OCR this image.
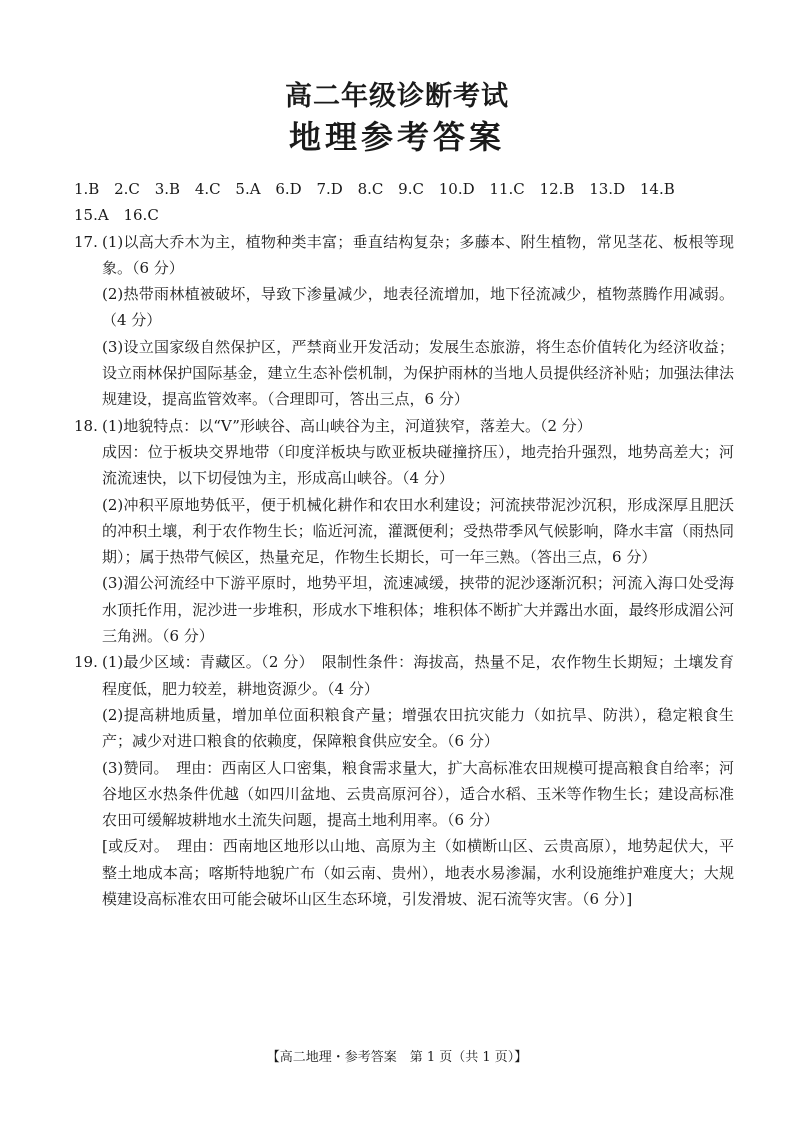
高二年级诊断考试
地理参考答案
1.B 2.C 3.B 4.C 5.A 6.D 7.D 8.C 9.C 10.D 11.C 12.B 13.D 14.B
15.A 16.C
17. (1)以高大乔木为主，植物种类丰富；垂直结构复杂；多藤本、附生植物，常见茎花、板根等现象。（6 分）
(2)热带雨林植被破坏，导致下渗量减少，地表径流增加，地下径流减少，植物蒸腾作用减弱。（4 分）
(3)设立国家级自然保护区，严禁商业开发活动；发展生态旅游，将生态价值转化为经济收益；设立雨林保护国际基金，建立生态补偿机制，为保护雨林的当地人员提供经济补贴；加强法律法规建设，提高监管效率。（合理即可，答出三点，6 分）
18. (1)地貌特点：以“V”形峡谷、高山峡谷为主，河道狭窄，落差大。（2 分）
成因：位于板块交界地带（印度洋板块与欧亚板块碰撞挤压），地壳抬升强烈，地势高差大；河流流速快，以下切侵蚀为主，形成高山峡谷。（4 分）
(2)冲积平原地势低平，便于机械化耕作和农田水利建设；河流挟带泥沙沉积，形成深厚且肥沃的冲积土壤，利于农作物生长；临近河流，灌溉便利；受热带季风气候影响，降水丰富（雨热同期）；属于热带气候区，热量充足，作物生长期长，可一年三熟。（答出三点，6 分）
(3)湄公河流经中下游平原时，地势平坦，流速减缓，挟带的泥沙逐渐沉积；河流入海口处受海水顶托作用，泥沙进一步堆积，形成水下堆积体；堆积体不断扩大并露出水面，最终形成湄公河三角洲。（6 分）
19. (1)最少区域：青藏区。（2 分）　限制性条件：海拔高，热量不足，农作物生长期短；土壤发育程度低，肥力较差，耕地资源少。（4 分）
(2)提高耕地质量，增加单位面积粮食产量；增强农田抗灾能力（如抗旱、防洪），稳定粮食生产；减少对进口粮食的依赖度，保障粮食供应安全。（6 分）
(3)赞同。　理由：西南区人口密集，粮食需求量大，扩大高标准农田规模可提高粮食自给率；河谷地区水热条件优越（如四川盆地、云贵高原河谷），适合水稻、玉米等作物生长；建设高标准农田可缓解坡耕地水土流失问题，提高土地利用率。（6 分）
[或反对。　理由：西南地区地形以山地、高原为主（如横断山区、云贵高原），地势起伏大，平整土地成本高；喀斯特地貌广布（如云南、贵州），地表水易渗漏，水利设施维护难度大；大规模建设高标准农田可能会破坏山区生态环境，引发滑坡、泥石流等灾害。（6 分）]
【高二地理・参考答案　第 1 页（共 1 页）】
